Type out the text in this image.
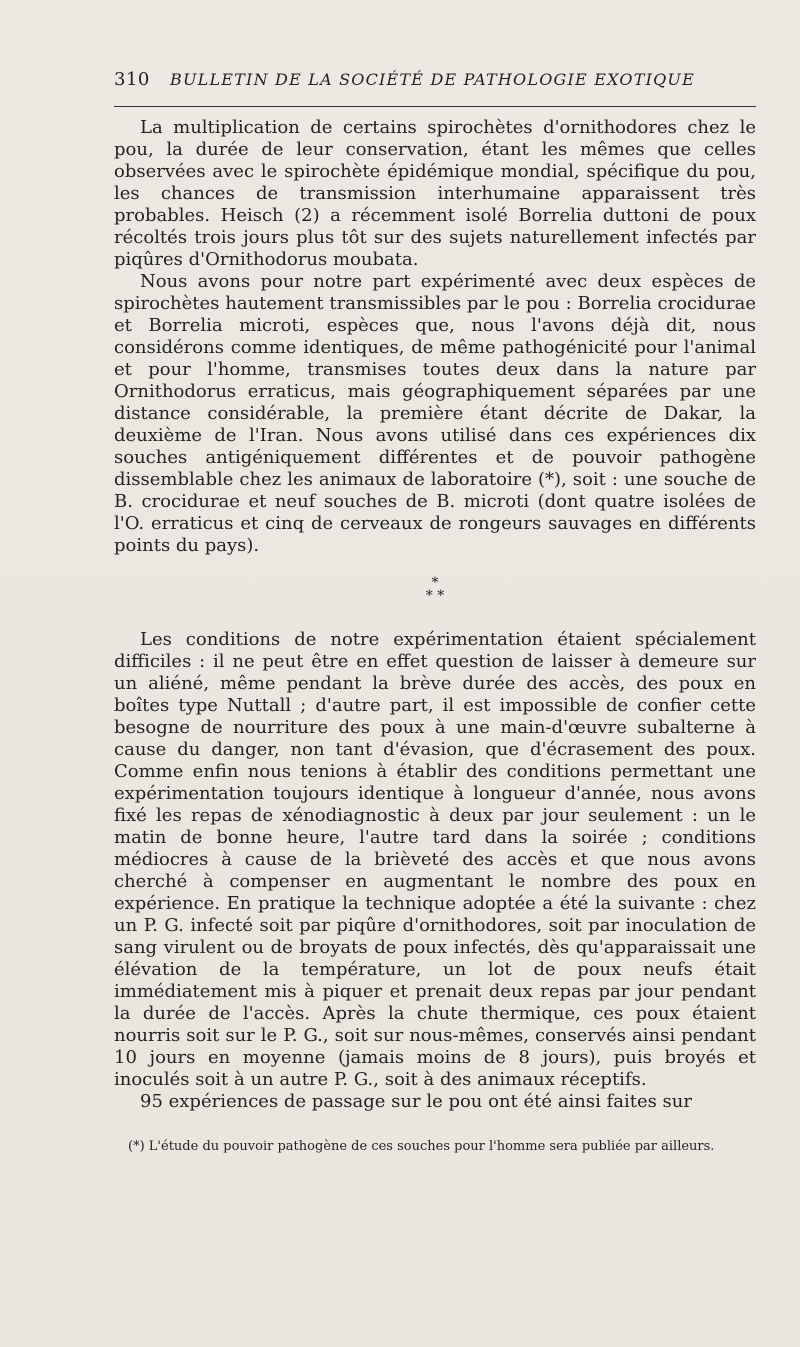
310 BULLETIN DE LA SOCIÉTÉ DE PATHOLOGIE EXOTIQUE

La multiplication de certains spirochètes d'ornithodores chez le pou, la durée de leur conservation, étant les mêmes que celles observées avec le spirochète épidémique mondial, spécifique du pou, les chances de transmission interhumaine apparaissent très probables. Heisch (2) a récemment isolé Borrelia duttoni de poux récoltés trois jours plus tôt sur des sujets naturellement infectés par piqûres d'Ornithodorus moubata.

Nous avons pour notre part expérimenté avec deux espèces de spirochètes hautement transmissibles par le pou : Borrelia crocidurae et Borrelia microti, espèces que, nous l'avons déjà dit, nous considérons comme identiques, de même pathogénicité pour l'animal et pour l'homme, transmises toutes deux dans la nature par Ornithodorus erraticus, mais géographiquement séparées par une distance considérable, la première étant décrite de Dakar, la deuxième de l'Iran. Nous avons utilisé dans ces expériences dix souches antigéniquement différentes et de pouvoir pathogène dissemblable chez les animaux de laboratoire (*), soit : une souche de B. crocidurae et neuf souches de B. microti (dont quatre isolées de l'O. erraticus et cinq de cerveaux de rongeurs sauvages en différents points du pays).

*
* *

Les conditions de notre expérimentation étaient spécialement difficiles : il ne peut être en effet question de laisser à demeure sur un aliéné, même pendant la brève durée des accès, des poux en boîtes type Nuttall ; d'autre part, il est impossible de confier cette besogne de nourriture des poux à une main-d'œuvre subalterne à cause du danger, non tant d'évasion, que d'écrasement des poux. Comme enfin nous tenions à établir des conditions permettant une expérimentation toujours identique à longueur d'année, nous avons fixé les repas de xénodiagnostic à deux par jour seulement : un le matin de bonne heure, l'autre tard dans la soirée ; conditions médiocres à cause de la brièveté des accès et que nous avons cherché à compenser en augmentant le nombre des poux en expérience. En pratique la technique adoptée a été la suivante : chez un P. G. infecté soit par piqûre d'ornithodores, soit par inoculation de sang virulent ou de broyats de poux infectés, dès qu'apparaissait une élévation de la température, un lot de poux neufs était immédiatement mis à piquer et prenait deux repas par jour pendant la durée de l'accès. Après la chute thermique, ces poux étaient nourris soit sur le P. G., soit sur nous-mêmes, conservés ainsi pendant 10 jours en moyenne (jamais moins de 8 jours), puis broyés et inoculés soit à un autre P. G., soit à des animaux réceptifs.

95 expériences de passage sur le pou ont été ainsi faites sur

(*) L'étude du pouvoir pathogène de ces souches pour l'homme sera publiée par ailleurs.
